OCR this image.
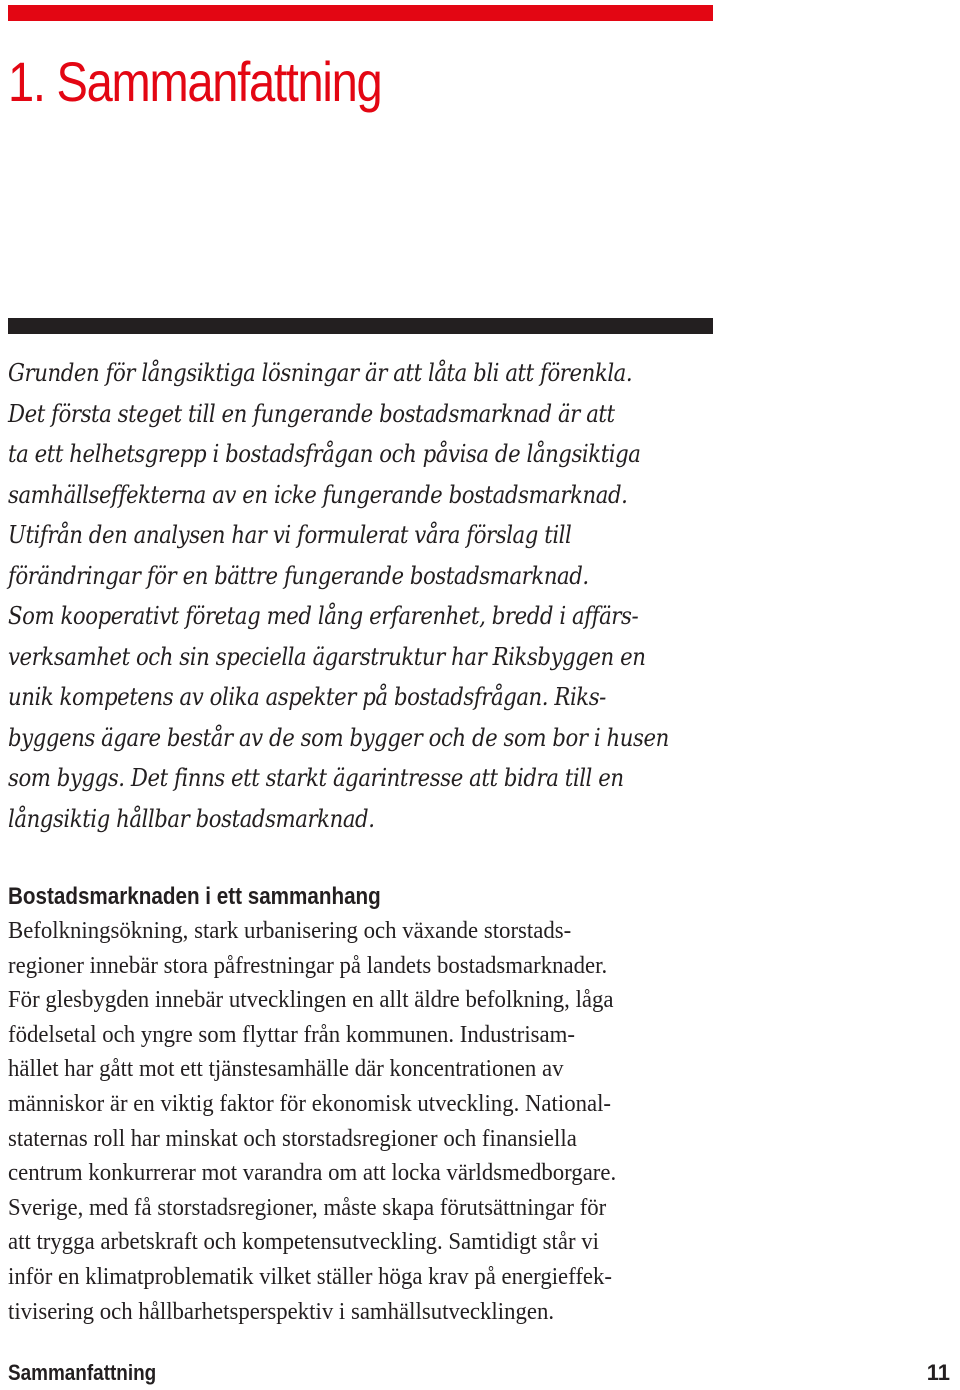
1. Sammanfattning

Grunden för långsiktiga lösningar är att låta bli att förenkla.
Det första steget till en fungerande bostadsmarknad är att
ta ett helhetsgrepp i bostadsfrågan och påvisa de långsiktiga
samhällseffekterna av en icke fungerande bostadsmarknad.
Utifrån den analysen har vi formulerat våra förslag till
förändringar för en bättre fungerande bostadsmarknad.
Som kooperativt företag med lång erfarenhet, bredd i affärs-
verksamhet och sin speciella ägarstruktur har Riksbyggen en
unik kompetens av olika aspekter på bostadsfrågan. Riks-
byggens ägare består av de som bygger och de som bor i husen
som byggs. Det finns ett starkt ägarintresse att bidra till en
långsiktig hållbar bostadsmarknad.

Bostadsmarknaden i ett sammanhang

Befolkningsökning, stark urbanisering och växande storstads-
regioner innebär stora påfrestningar på landets bostadsmarknader.
För glesbygden innebär utvecklingen en allt äldre befolkning, låga
födelsetal och yngre som flyttar från kommunen. Industrisam-
hället har gått mot ett tjänstesamhälle där koncentrationen av
människor är en viktig faktor för ekonomisk utveckling. National-
staternas roll har minskat och storstadsregioner och finansiella
centrum konkurrerar mot varandra om att locka världsmedborgare.
Sverige, med få storstadsregioner, måste skapa förutsättningar för
att trygga arbetskraft och kompetensutveckling. Samtidigt står vi
inför en klimatproblematik vilket ställer höga krav på energieffek-
tivisering och hållbarhetsperspektiv i samhällsutvecklingen.

Sammanfattning	11
